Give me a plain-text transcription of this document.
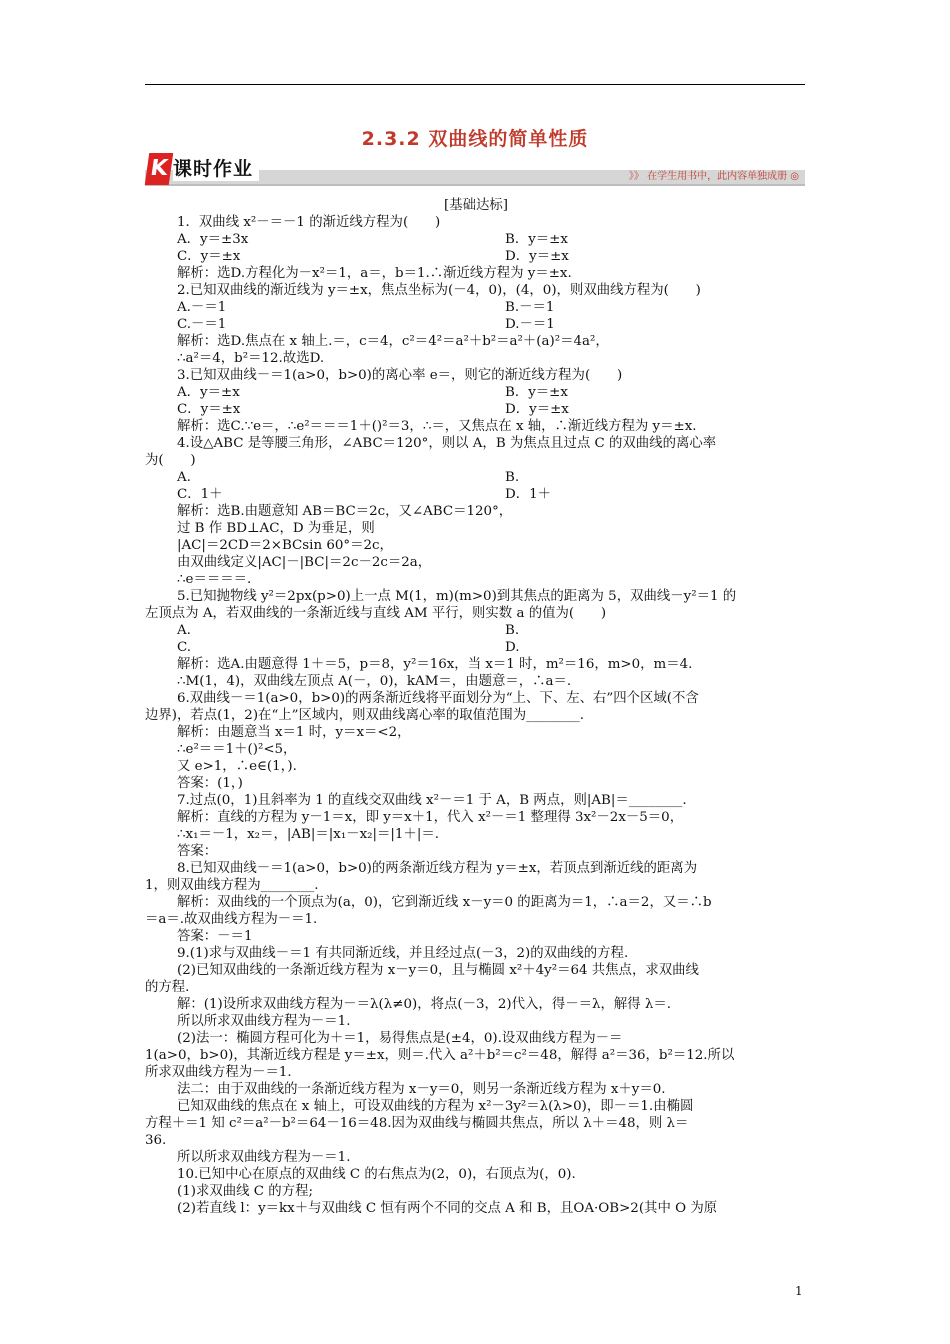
2.3.2 双曲线的简单性质
K 课时作业	》》 在学生用书中，此内容单独成册 ◎
[基础达标]
1．双曲线 x²－＝－1 的渐近线方程为(　　)
A．y＝±3x	B．y＝±x
C．y＝±x	D．y＝±x
解析：选D.方程化为－x²＝1，a＝，b＝1.∴渐近线方程为 y＝±x.
2.已知双曲线的渐近线为 y＝±x，焦点坐标为(－4，0)，(4，0)，则双曲线方程为(　　)
A.－＝1	B.－＝1
C.－＝1	D.－＝1
解析：选D.焦点在 x 轴上.＝，c＝4，c²＝4²＝a²＋b²＝a²＋(a)²＝4a²，
∴a²＝4，b²＝12.故选D.
3.已知双曲线－＝1(a>0，b>0)的离心率 e＝，则它的渐近线方程为(　　)
A．y＝±x	B．y＝±x
C．y＝±x	D．y＝±x
解析：选C.∵e＝，∴e²＝＝＝1＋()²＝3，∴＝，又焦点在 x 轴，∴渐近线方程为 y＝±x.
4.设△ABC 是等腰三角形，∠ABC＝120°，则以 A，B 为焦点且过点 C 的双曲线的离心率
为(　　)
A.	B.
C．1＋	D．1＋
解析：选B.由题意知 AB＝BC＝2c，又∠ABC＝120°，
过 B 作 BD⊥AC，D 为垂足，则
|AC|＝2CD＝2×BCsin 60°＝2c，
由双曲线定义|AC|－|BC|＝2c－2c＝2a，
∴e＝＝＝＝.
5.已知抛物线 y²＝2px(p>0)上一点 M(1，m)(m>0)到其焦点的距离为 5，双曲线－y²＝1 的
左顶点为 A，若双曲线的一条渐近线与直线 AM 平行，则实数 a 的值为(　　)
A.	B.
C.	D.
解析：选A.由题意得 1＋＝5，p＝8，y²＝16x，当 x＝1 时，m²＝16，m>0，m＝4.
∴M(1，4)，双曲线左顶点 A(－，0)，kAM＝，由题意＝，∴a＝.
6.双曲线－＝1(a>0，b>0)的两条渐近线将平面划分为“上、下、左、右”四个区域(不含
边界)，若点(1，2)在“上”区域内，则双曲线离心率的取值范围为________.
解析：由题意当 x＝1 时，y＝x＝<2，
∴e²＝＝1＋()²<5，
又 e>1，∴e∈(1，).
答案：(1，)
7.过点(0，1)且斜率为 1 的直线交双曲线 x²－＝1 于 A，B 两点，则|AB|＝________.
解析：直线的方程为 y－1＝x，即 y＝x＋1，代入 x²－＝1 整理得 3x²－2x－5＝0，
∴x₁＝－1，x₂＝，|AB|＝|x₁－x₂|＝|1＋|＝.
答案：
8.已知双曲线－＝1(a>0，b>0)的两条渐近线方程为 y＝±x，若顶点到渐近线的距离为
1，则双曲线方程为________.
解析：双曲线的一个顶点为(a，0)，它到渐近线 x－y＝0 的距离为＝1，∴a＝2，又＝∴b
＝a＝.故双曲线方程为－＝1.
答案：－＝1
9.(1)求与双曲线－＝1 有共同渐近线，并且经过点(－3，2)的双曲线的方程.
(2)已知双曲线的一条渐近线方程为 x－y＝0，且与椭圆 x²＋4y²＝64 共焦点，求双曲线
的方程.
解：(1)设所求双曲线方程为－＝λ(λ≠0)，将点(－3，2)代入，得－＝λ，解得 λ＝.
所以所求双曲线方程为－＝1.
(2)法一：椭圆方程可化为＋＝1，易得焦点是(±4，0).设双曲线方程为－＝
1(a>0，b>0)，其渐近线方程是 y＝±x，则＝.代入 a²＋b²＝c²＝48，解得 a²＝36，b²＝12.所以
所求双曲线方程为－＝1.
法二：由于双曲线的一条渐近线方程为 x－y＝0，则另一条渐近线方程为 x＋y＝0.
已知双曲线的焦点在 x 轴上，可设双曲线的方程为 x²－3y²＝λ(λ>0)，即－＝1.由椭圆
方程＋＝1 知 c²＝a²－b²＝64－16＝48.因为双曲线与椭圆共焦点，所以 λ＋＝48，则 λ＝
36.
所以所求双曲线方程为－＝1.
10.已知中心在原点的双曲线 C 的右焦点为(2，0)，右顶点为(，0).
(1)求双曲线 C 的方程;
(2)若直线 l：y＝kx＋与双曲线 C 恒有两个不同的交点 A 和 B，且OA·OB>2(其中 O 为原
1
